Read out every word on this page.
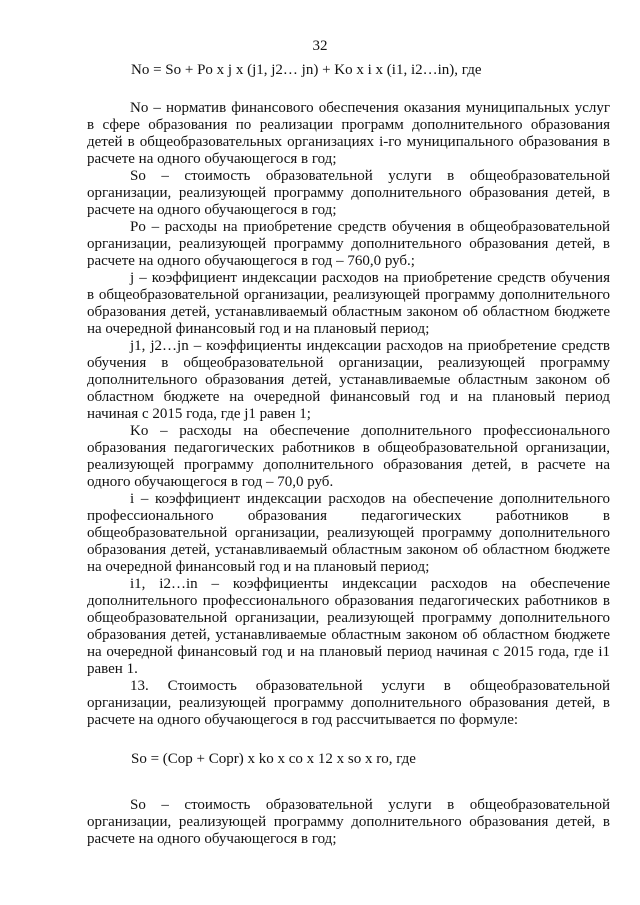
32

No = So + Po x j x (j1, j2… jn) + Ko x i x (i1, i2…in), где

No – норматив финансового обеспечения оказания муниципальных услуг в сфере образования по реализации программ дополнительного образования детей в общеобразовательных организациях i-го муниципального образования в расчете на одного обучающегося в год;

So – стоимость образовательной услуги в общеобразовательной организации, реализующей программу дополнительного образования детей, в расчете на одного обучающегося в год;

Po – расходы на приобретение средств обучения в общеобразовательной организации, реализующей программу дополнительного образования детей, в расчете на одного обучающегося в год – 760,0 руб.;

j – коэффициент индексации расходов на приобретение средств обучения в общеобразовательной организации, реализующей программу дополнительного образования детей, устанавливаемый областным законом об областном бюджете на очередной финансовый год и на плановый период;

j1, j2…jn – коэффициенты индексации расходов на приобретение средств обучения в общеобразовательной организации, реализующей программу дополнительного образования детей, устанавливаемые областным законом об областном бюджете на очередной финансовый год и на плановый период начиная с 2015 года, где j1 равен 1;

Ko – расходы на обеспечение дополнительного профессионального образования педагогических работников в общеобразовательной организации, реализующей программу дополнительного образования детей, в расчете на одного обучающегося в год – 70,0 руб.

i – коэффициент индексации расходов на обеспечение дополнительного профессионального образования педагогических работников в общеобразовательной организации, реализующей программу дополнительного образования детей, устанавливаемый областным законом об областном бюджете на очередной финансовый год и на плановый период;

i1, i2…in – коэффициенты индексации расходов на обеспечение дополнительного профессионального образования педагогических работников в общеобразовательной организации, реализующей программу дополнительного образования детей, устанавливаемые областным законом об областном бюджете на очередной финансовый год и на плановый период начиная с 2015 года, где i1 равен 1.

13. Стоимость образовательной услуги в общеобразовательной организации, реализующей программу дополнительного образования детей, в расчете на одного обучающегося в год рассчитывается по формуле:

So = (Cop + Copr) x ko x co x 12 x so x ro, где

So – стоимость образовательной услуги в общеобразовательной организации, реализующей программу дополнительного образования детей, в расчете на одного обучающегося в год;
